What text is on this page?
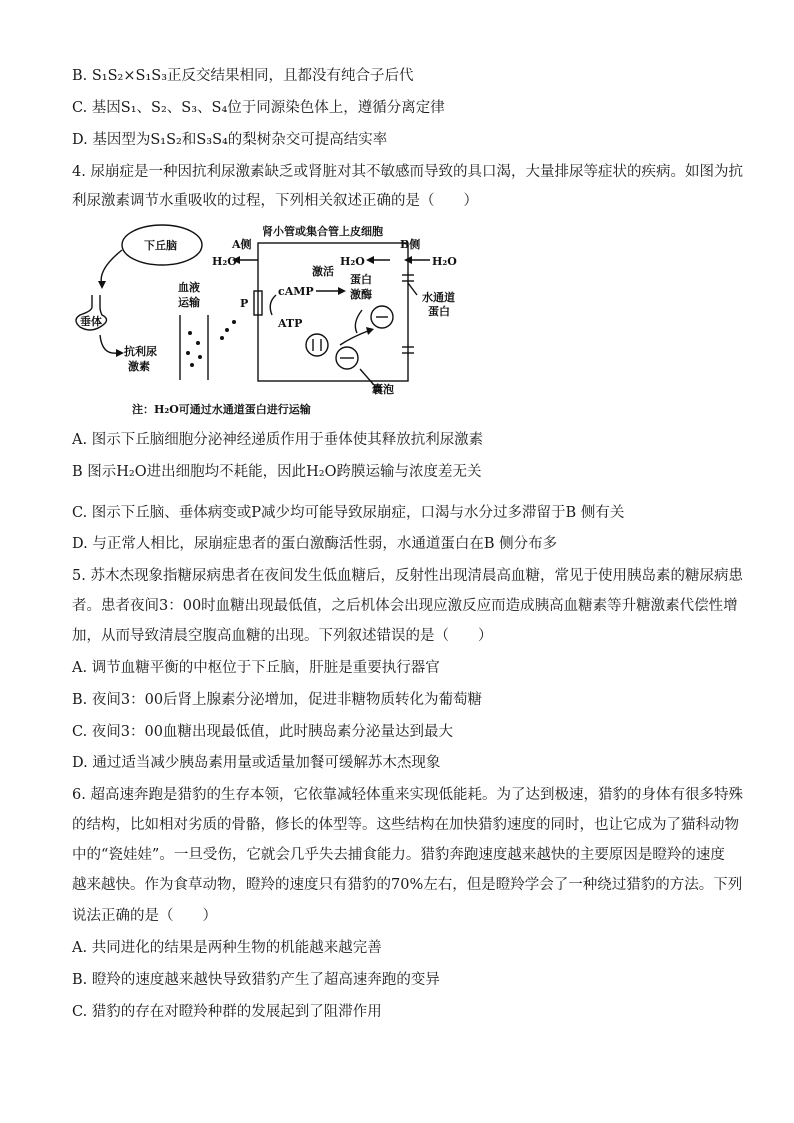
B. S₁S₂×S₁S₃正反交结果相同，且都没有纯合子后代
C. 基因S₁、S₂、S₃、S₄位于同源染色体上，遵循分离定律
D. 基因型为S₁S₂和S₃S₄的梨树杂交可提高结实率
4. 尿崩症是一种因抗利尿激素缺乏或肾脏对其不敏感而导致的具口渴，大量排尿等症状的疾病。如图为抗
利尿激素调节水重吸收的过程，下列相关叙述正确的是（　　）
肾小管或集合管上皮细胞
A侧	B侧
下丘脑
垂体
抗利尿
激素
血液
运输	P
cAMP
ATP
激活
蛋白
激酶
H₂O	H₂O	H₂O
水通道
蛋白
囊泡
注：H₂O可通过水通道蛋白进行运输
A. 图示下丘脑细胞分泌神经递质作用于垂体使其释放抗利尿激素
B 图示H₂O进出细胞均不耗能，因此H₂O跨膜运输与浓度差无关
C. 图示下丘脑、垂体病变或P减少均可能导致尿崩症，口渴与水分过多滞留于B 侧有关
D. 与正常人相比，尿崩症患者的蛋白激酶活性弱，水通道蛋白在B 侧分布多
5. 苏木杰现象指糖尿病患者在夜间发生低血糖后，反射性出现清晨高血糖，常见于使用胰岛素的糖尿病患
者。患者夜间3：00时血糖出现最低值，之后机体会出现应激反应而造成胰高血糖素等升糖激素代偿性增
加，从而导致清晨空腹高血糖的出现。下列叙述错误的是（　　）
A. 调节血糖平衡的中枢位于下丘脑，肝脏是重要执行器官
B. 夜间3：00后肾上腺素分泌增加，促进非糖物质转化为葡萄糖
C. 夜间3：00血糖出现最低值，此时胰岛素分泌量达到最大
D. 通过适当减少胰岛素用量或适量加餐可缓解苏木杰现象
6. 超高速奔跑是猎豹的生存本领，它依靠减轻体重来实现低能耗。为了达到极速，猎豹的身体有很多特殊
的结构，比如相对劣质的骨骼，修长的体型等。这些结构在加快猎豹速度的同时，也让它成为了猫科动物
中的“瓷娃娃”。一旦受伤，它就会几乎失去捕食能力。猎豹奔跑速度越来越快的主要原因是瞪羚的速度
越来越快。作为食草动物，瞪羚的速度只有猎豹的70%左右，但是瞪羚学会了一种绕过猎豹的方法。下列
说法正确的是（　　）
A. 共同进化的结果是两种生物的机能越来越完善
B. 瞪羚的速度越来越快导致猎豹产生了超高速奔跑的变异
C. 猎豹的存在对瞪羚种群的发展起到了阻滞作用
